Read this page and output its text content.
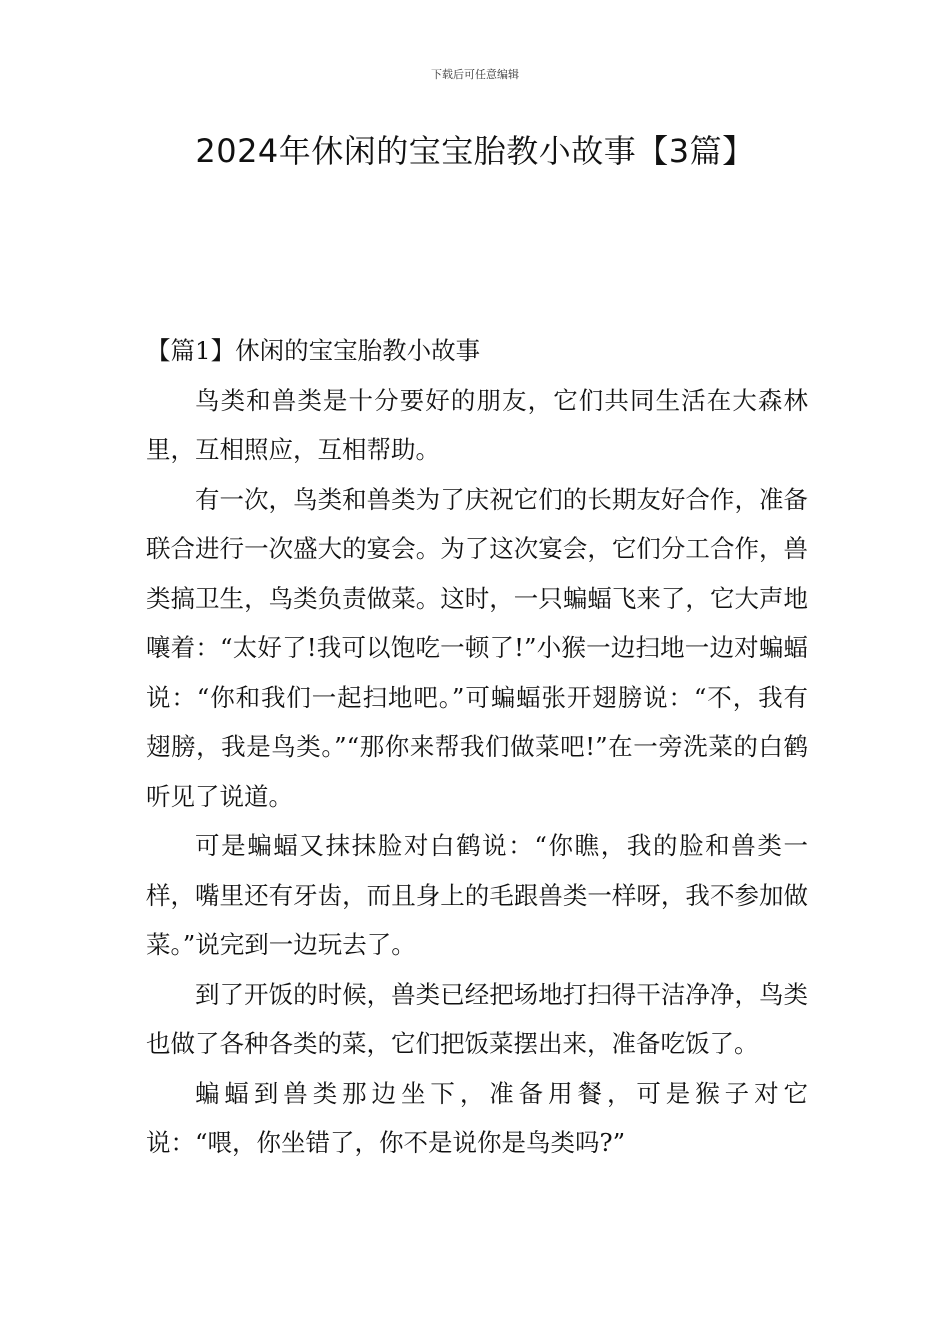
下载后可任意编辑
2024年休闲的宝宝胎教小故事【3篇】

【篇1】休闲的宝宝胎教小故事

鸟类和兽类是十分要好的朋友，它们共同生活在大森林里，互相照应，互相帮助。

有一次，鸟类和兽类为了庆祝它们的长期友好合作，准备联合进行一次盛大的宴会。为了这次宴会，它们分工合作，兽类搞卫生，鸟类负责做菜。这时，一只蝙蝠飞来了，它大声地嚷着：“太好了!我可以饱吃一顿了!”小猴一边扫地一边对蝙蝠说：“你和我们一起扫地吧。”可蝙蝠张开翅膀说：“不，我有翅膀，我是鸟类。”“那你来帮我们做菜吧!”在一旁洗菜的白鹤听见了说道。

可是蝙蝠又抹抹脸对白鹤说：“你瞧，我的脸和兽类一样，嘴里还有牙齿，而且身上的毛跟兽类一样呀，我不参加做菜。”说完到一边玩去了。

到了开饭的时候，兽类已经把场地打扫得干洁净净，鸟类也做了各种各类的菜，它们把饭菜摆出来，准备吃饭了。

蝙蝠到兽类那边坐下，准备用餐，可是猴子对它说：“喂，你坐错了，你不是说你是鸟类吗?”
